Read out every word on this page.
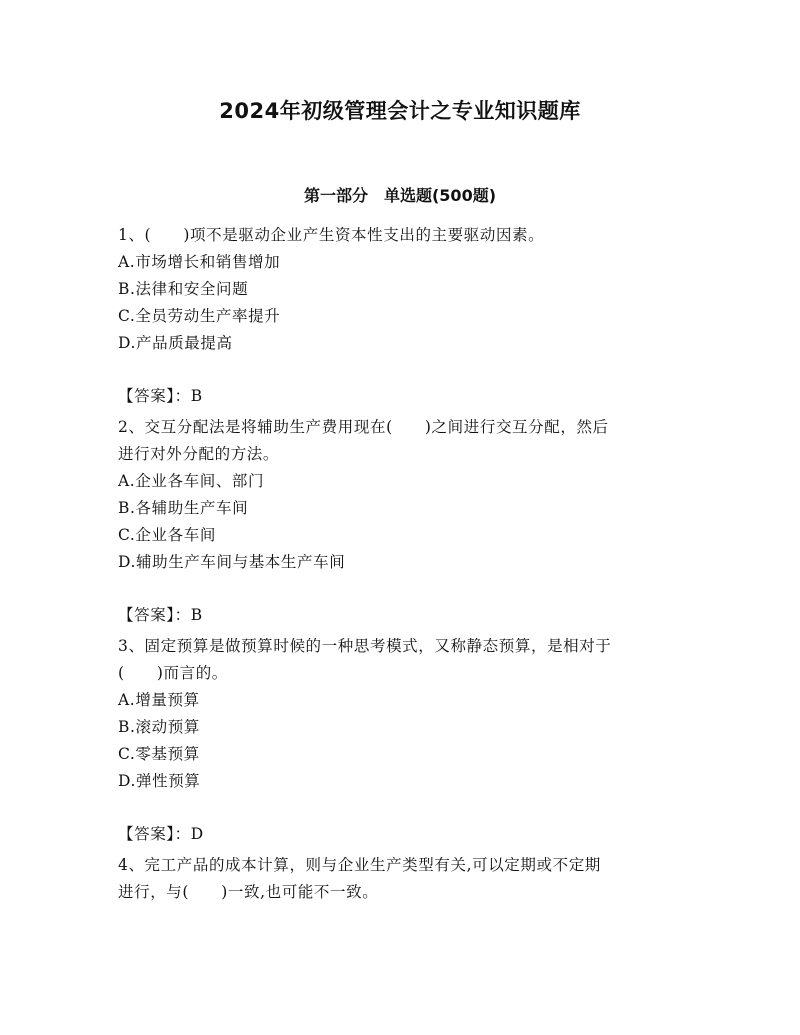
2024年初级管理会计之专业知识题库
第一部分　单选题(500题)

1、(　　)项不是驱动企业产生资本性支出的主要驱动因素。

A.市场增长和销售增加

B.法律和安全问题

C.全员劳动生产率提升

D.产品质最提高

【答案】：B

2、交互分配法是将辅助生产费用现在(　　)之间进行交互分配，然后

进行对外分配的方法。

A.企业各车间、部门

B.各辅助生产车间

C.企业各车间

D.辅助生产车间与基本生产车间

【答案】：B

3、固定预算是做预算时候的一种思考模式，又称静态预算，是相对于

(　　)而言的。

A.增量预算

B.滚动预算

C.零基预算

D.弹性预算

【答案】：D

4、完工产品的成本计算，则与企业生产类型有关,可以定期或不定期

进行，与(　　)一致,也可能不一致。
